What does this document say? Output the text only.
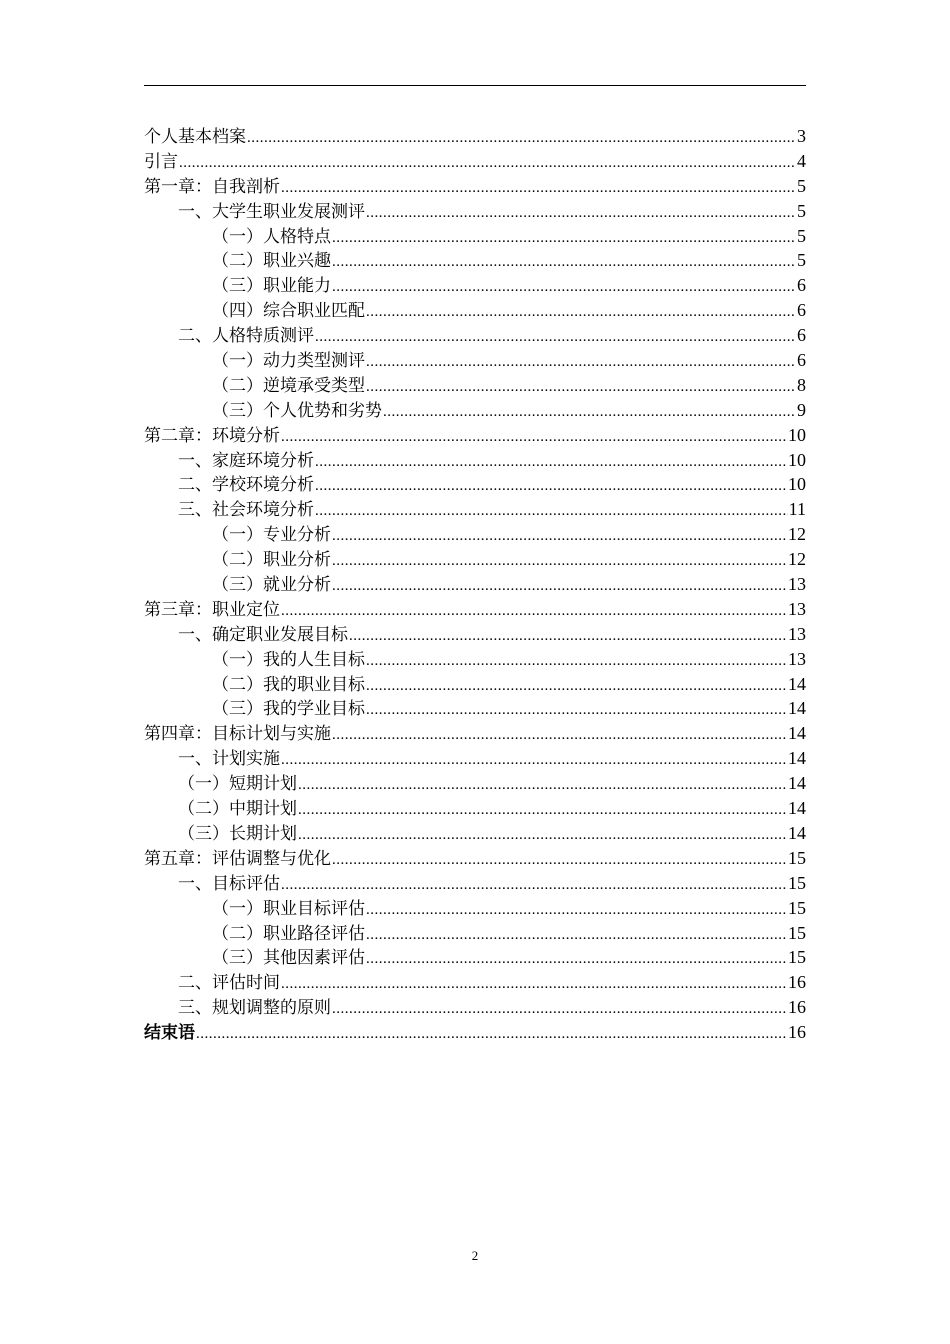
个人基本档案 .....	3
引言 .....	4
第一章：自我剖析 .....	5
一、大学生职业发展测评 .....	5
（一）人格特点 .....	5
（二）职业兴趣 .....	5
（三）职业能力 .....	6
（四）综合职业匹配 .....	6
二、人格特质测评 .....	6
（一）动力类型测评 .....	6
（二）逆境承受类型 .....	8
（三）个人优势和劣势 .....	9
第二章：环境分析 .....	10
一、家庭环境分析 .....	10
二、学校环境分析 .....	10
三、社会环境分析 .....	11
（一）专业分析 .....	12
（二）职业分析 .....	12
（三）就业分析 .....	13
第三章：职业定位 .....	13
一、确定职业发展目标 .....	13
（一）我的人生目标 .....	13
（二）我的职业目标 .....	14
（三）我的学业目标 .....	14
第四章：目标计划与实施 .....	14
一、计划实施 .....	14
（一）短期计划 .....	14
（二）中期计划 .....	14
（三）长期计划 .....	14
第五章：评估调整与优化 .....	15
一、目标评估 .....	15
（一）职业目标评估 .....	15
（二）职业路径评估 .....	15
（三）其他因素评估 .....	15
二、评估时间 .....	16
三、规划调整的原则 .....	16
结束语 .....	16
2
